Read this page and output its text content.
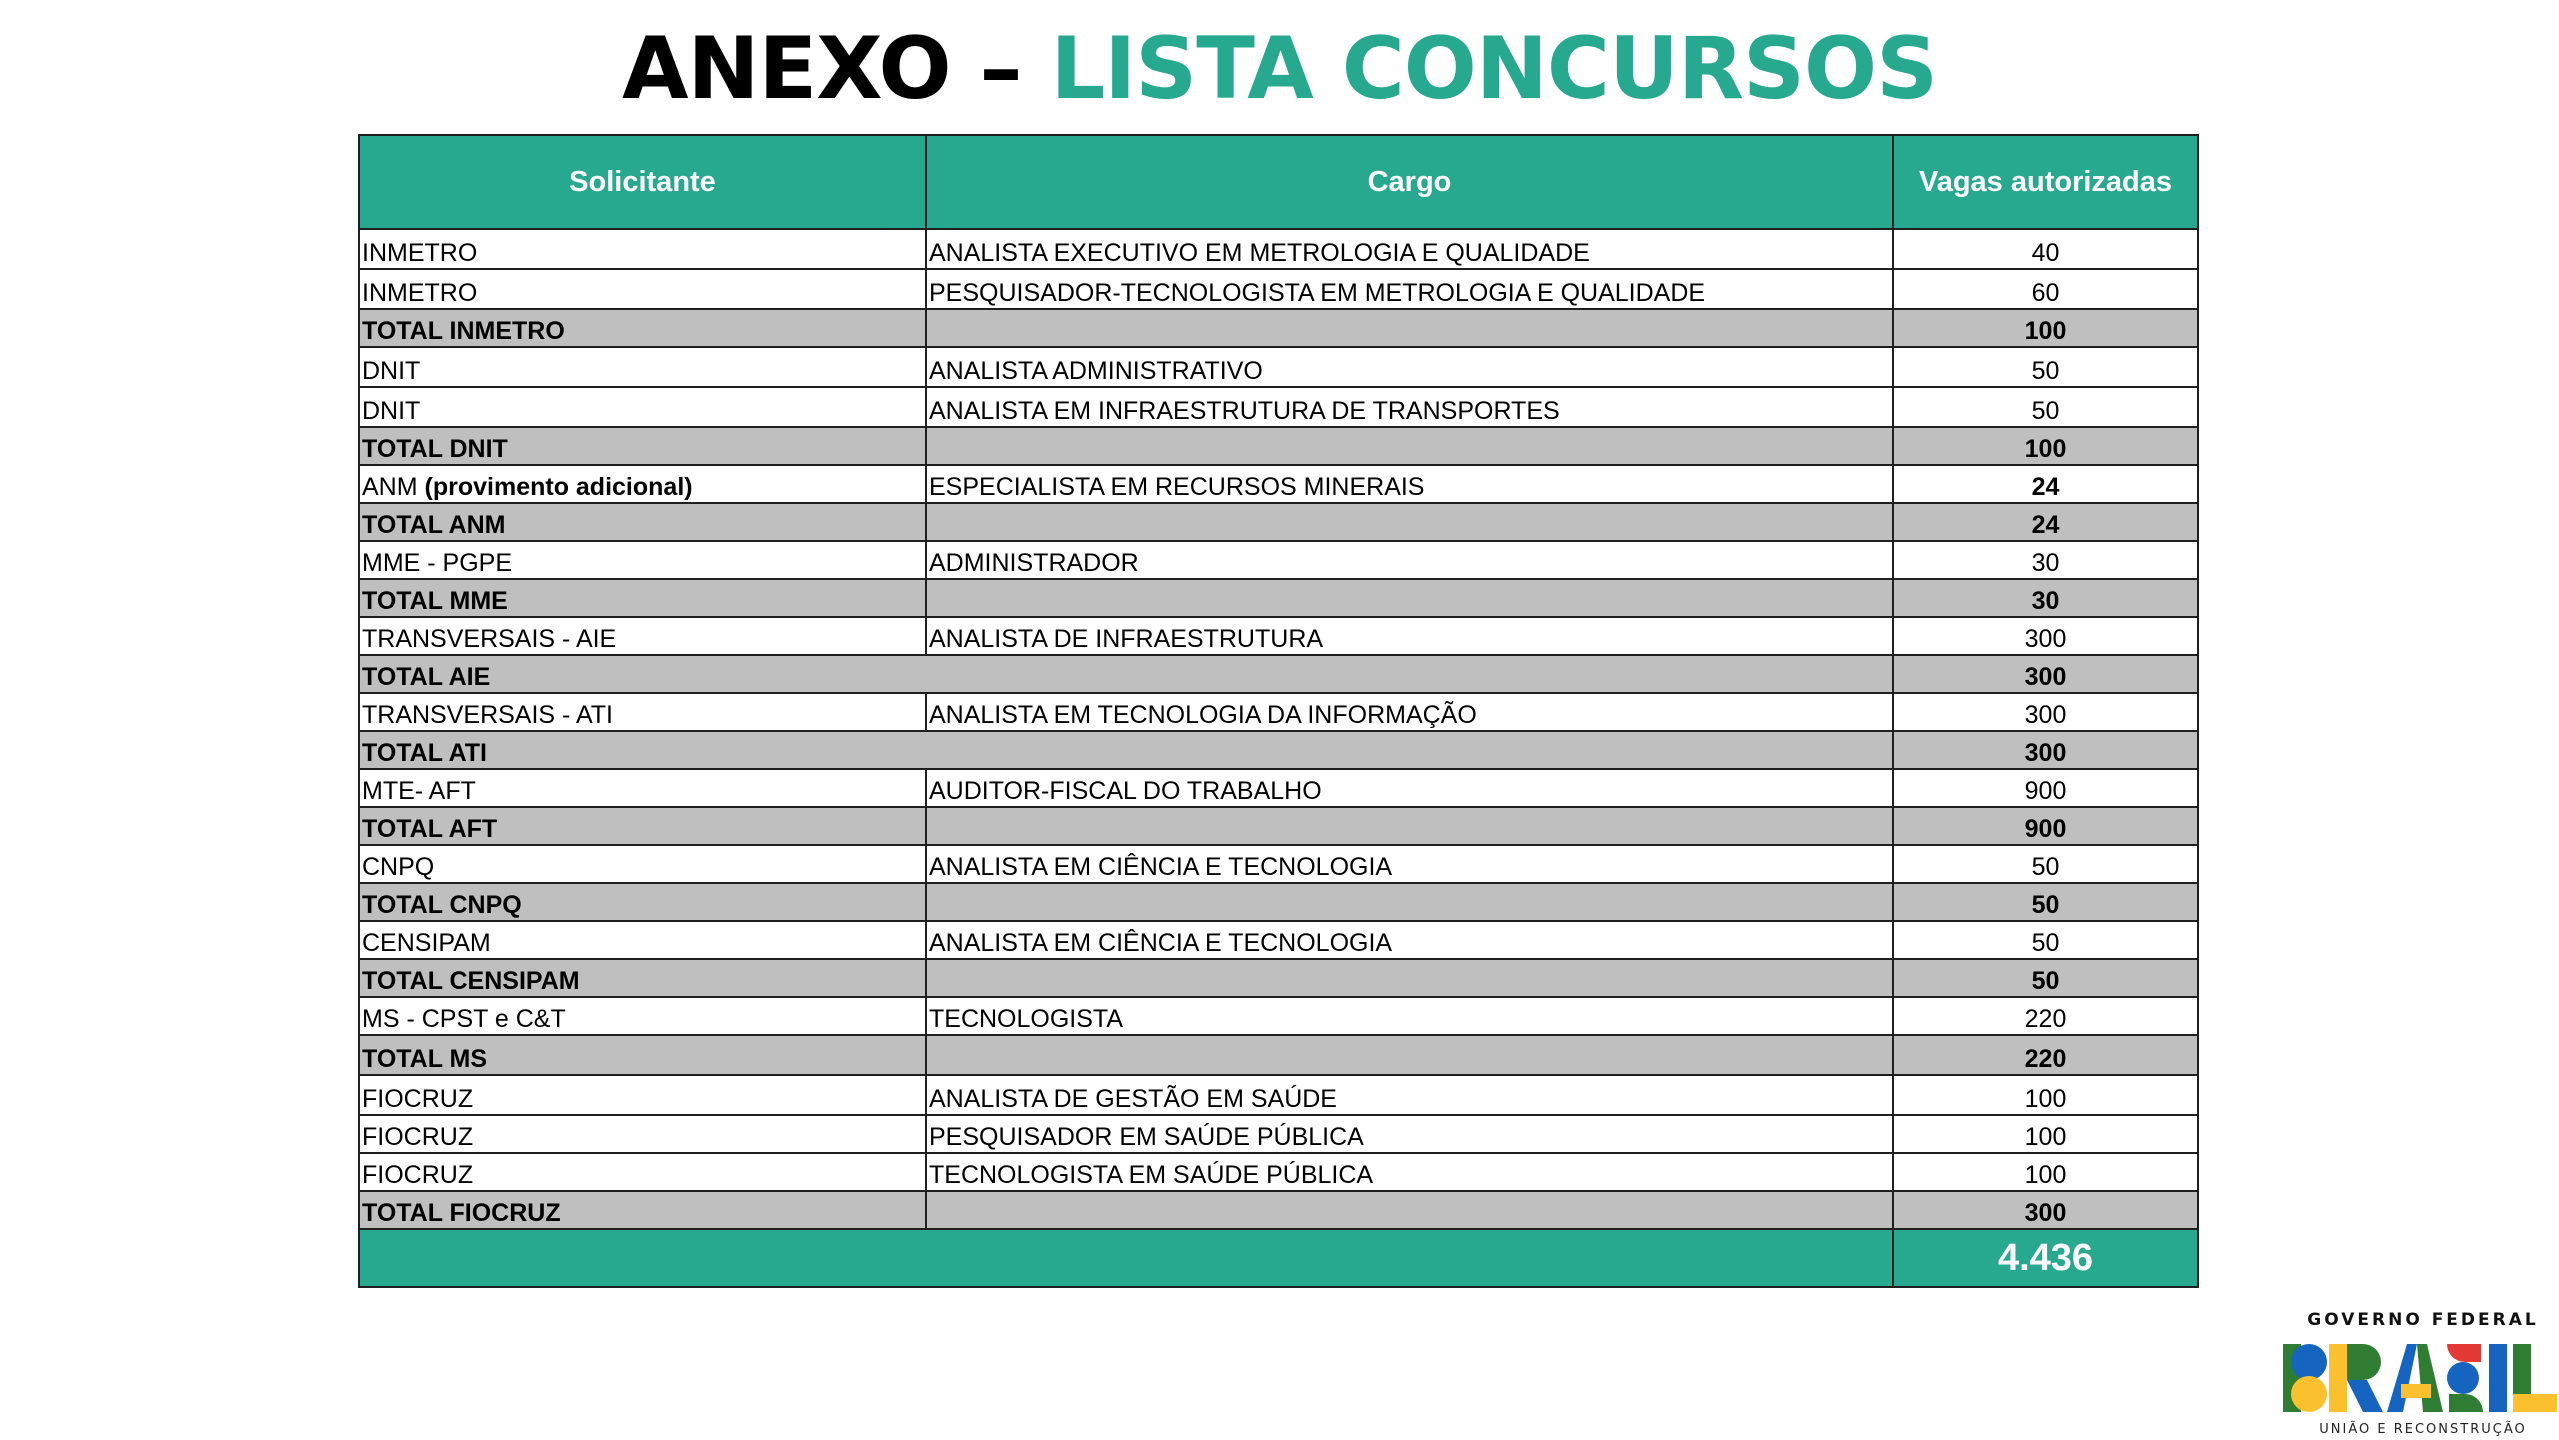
ANEXO – LISTA CONCURSOS
Solicitante	Cargo	Vagas autorizadas
INMETRO	ANALISTA EXECUTIVO EM METROLOGIA E QUALIDADE	40
INMETRO	PESQUISADOR-TECNOLOGISTA EM METROLOGIA E QUALIDADE	60
TOTAL INMETRO		100
DNIT	ANALISTA ADMINISTRATIVO	50
DNIT	ANALISTA EM INFRAESTRUTURA DE TRANSPORTES	50
TOTAL DNIT		100
ANM (provimento adicional)	ESPECIALISTA EM RECURSOS MINERAIS	24
TOTAL ANM		24
MME - PGPE	ADMINISTRADOR	30
TOTAL MME		30
TRANSVERSAIS - AIE	ANALISTA DE INFRAESTRUTURA	300
TOTAL AIE		300
TRANSVERSAIS - ATI	ANALISTA EM TECNOLOGIA DA INFORMAÇÃO	300
TOTAL ATI		300
MTE- AFT	AUDITOR-FISCAL DO TRABALHO	900
TOTAL AFT		900
CNPQ	ANALISTA EM CIÊNCIA E TECNOLOGIA	50
TOTAL CNPQ		50
CENSIPAM	ANALISTA EM CIÊNCIA E TECNOLOGIA	50
TOTAL CENSIPAM		50
MS - CPST e C&T	TECNOLOGISTA	220
TOTAL MS		220
FIOCRUZ	ANALISTA DE GESTÃO EM SAÚDE	100
FIOCRUZ	PESQUISADOR EM SAÚDE PÚBLICA	100
FIOCRUZ	TECNOLOGISTA EM SAÚDE PÚBLICA	100
TOTAL FIOCRUZ		300
		4.436
GOVERNO FEDERAL
UNIÃO E RECONSTRUÇÃO
